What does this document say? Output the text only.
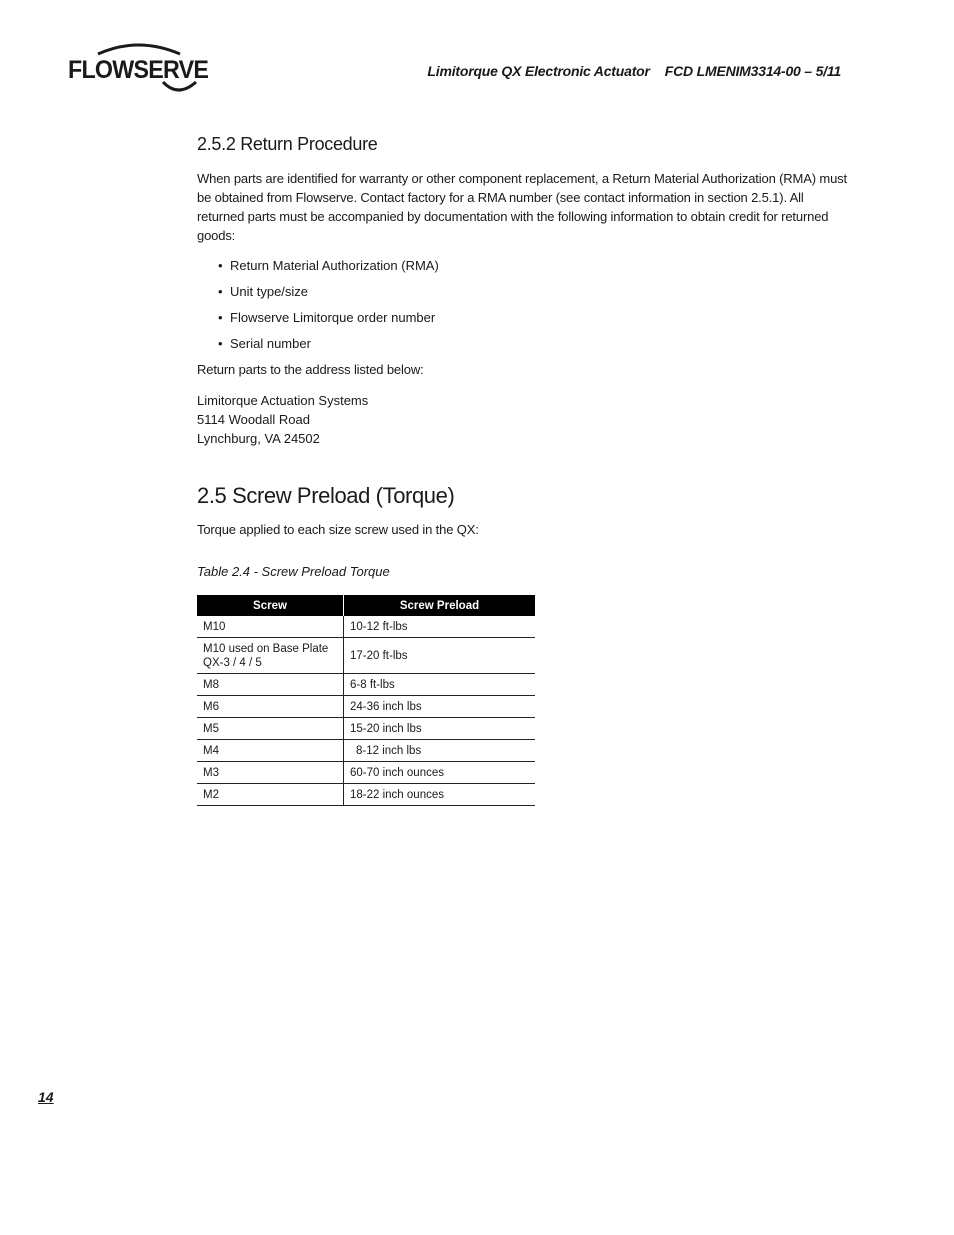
FLOWSERVE	Limitorque QX Electronic Actuator FCD LMENIM3314-00 – 5/11
2.5.2 Return Procedure

When parts are identified for warranty or other component replacement, a Return Material Authorization (RMA) must be obtained from Flowserve. Contact factory for a RMA number (see contact information in section 2.5.1). All returned parts must be accompanied by documentation with the following information to obtain credit for returned goods:

• Return Material Authorization (RMA)
• Unit type/size
• Flowserve Limitorque order number
• Serial number

Return parts to the address listed below:

Limitorque Actuation Systems
5114 Woodall Road
Lynchburg, VA 24502
2.5 Screw Preload (Torque)

Torque applied to each size screw used in the QX:

Table 2.4 - Screw Preload Torque
Screw	Screw Preload
M10	10-12 ft-lbs
M10 used on Base Plate QX-3 / 4 / 5	17-20 ft-lbs
M8	6-8 ft-lbs
M6	24-36 inch lbs
M5	15-20 inch lbs
M4	8-12 inch lbs
M3	60-70 inch ounces
M2	18-22 inch ounces
14
